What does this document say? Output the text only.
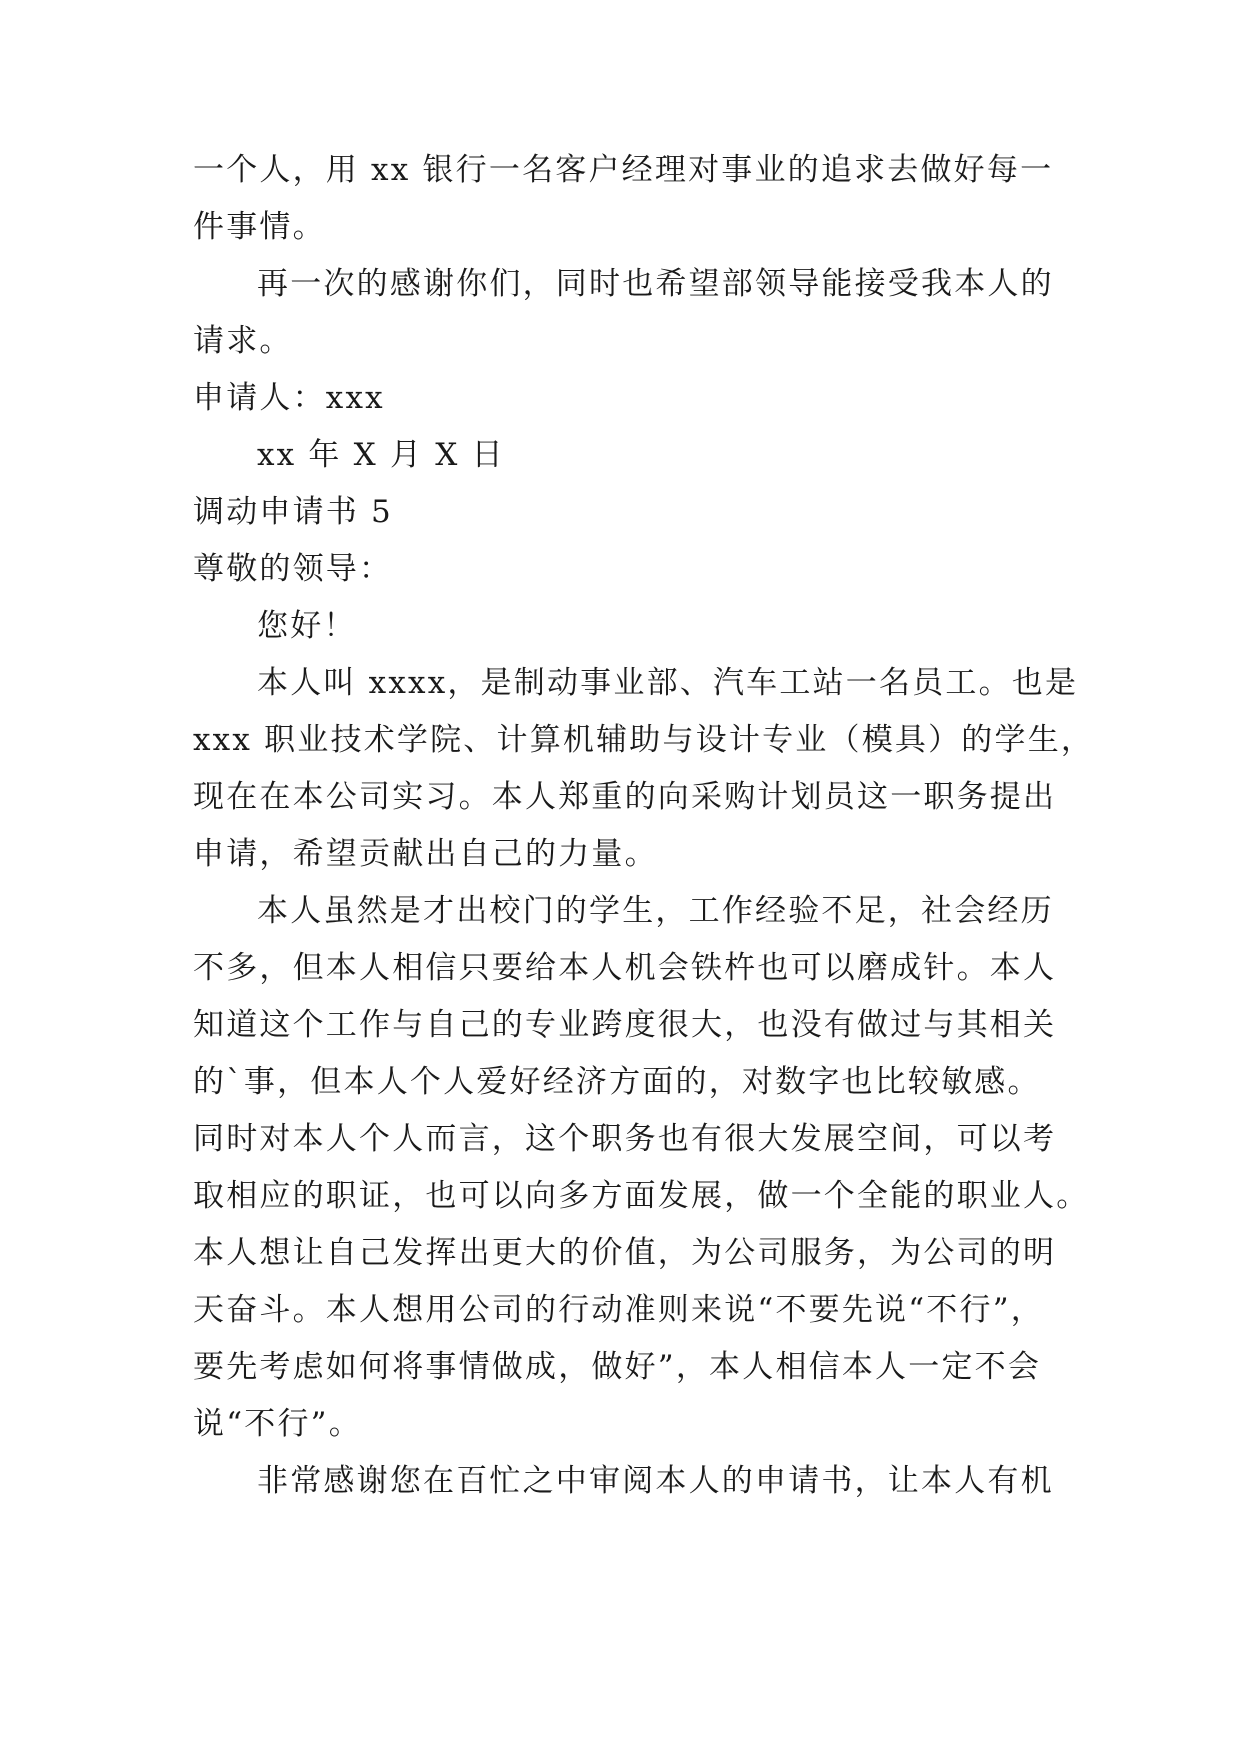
一个人，用 xx 银行一名客户经理对事业的追求去做好每一
件事情。
再一次的感谢你们，同时也希望部领导能接受我本人的
请求。
申请人：xxx
xx 年 X 月 X 日
调动申请书 5
尊敬的领导：
您好！
本人叫 xxxx，是制动事业部、汽车工站一名员工。也是
xxx 职业技术学院、计算机辅助与设计专业（模具）的学生，
现在在本公司实习。本人郑重的向采购计划员这一职务提出
申请，希望贡献出自己的力量。
本人虽然是才出校门的学生，工作经验不足，社会经历
不多，但本人相信只要给本人机会铁杵也可以磨成针。本人
知道这个工作与自己的专业跨度很大，也没有做过与其相关
的`事，但本人个人爱好经济方面的，对数字也比较敏感。
同时对本人个人而言，这个职务也有很大发展空间，可以考
取相应的职证，也可以向多方面发展，做一个全能的职业人。
本人想让自己发挥出更大的价值，为公司服务，为公司的明
天奋斗。本人想用公司的行动准则来说“不要先说“不行”，
要先考虑如何将事情做成，做好”，本人相信本人一定不会
说“不行”。
非常感谢您在百忙之中审阅本人的申请书，让本人有机
